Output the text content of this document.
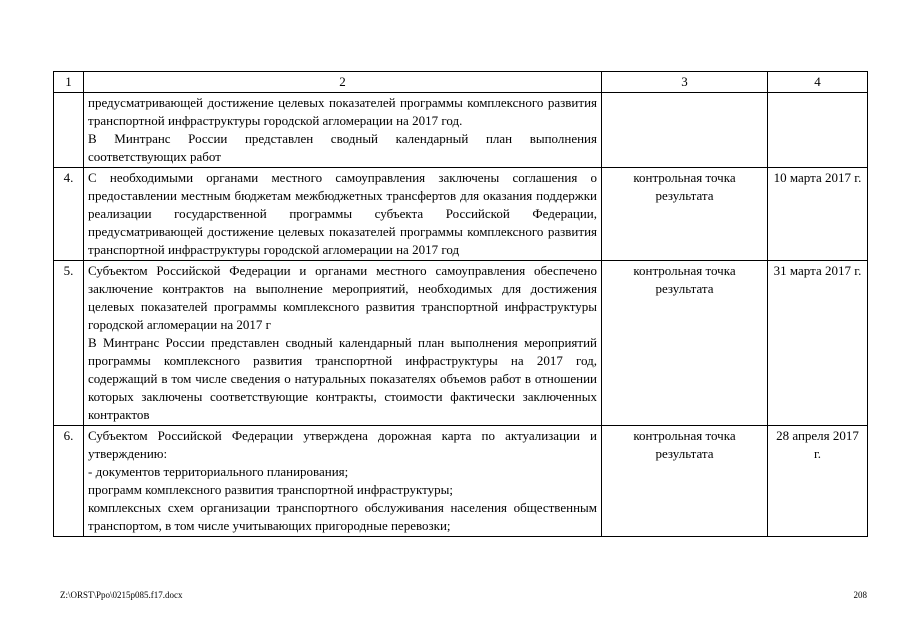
1	2	3	4

	предусматривающей достижение целевых показателей программы комплексного развития транспортной инфраструктуры городской агломерации на 2017 год.

В Минтранс России представлен сводный календарный план выполнения соответствующих работ		

4.	С необходимыми органами местного самоуправления заключены соглашения о предоставлении местным бюджетам межбюджетных трансфертов для оказания поддержки реализации государственной программы субъекта Российской Федерации, предусматривающей достижение целевых показателей программы комплексного развития транспортной инфраструктуры городской агломерации на 2017 год	контрольная точка результата	10 марта 2017 г.
5.	Субъектом Российской Федерации и органами местного самоуправления обеспечено заключение контрактов на выполнение мероприятий, необходимых для достижения целевых показателей программы комплексного развития транспортной инфраструктуры городской агломерации на 2017 г

В Минтранс России представлен сводный календарный план выполнения мероприятий программы комплексного развития транспортной инфраструктуры на 2017 год, содержащий в том числе сведения о натуральных показателях объемов работ в отношении которых заключены соответствующие контракты, стоимости фактически заключенных контрактов	контрольная точка результата	31 марта 2017 г.
6.	Субъектом Российской Федерации утверждена дорожная карта по актуализации и утверждению:

- документов территориального планирования;

программ комплексного развития транспортной инфраструктуры;

комплексных схем организации транспортного обслуживания населения общественным транспортом, в том числе учитывающих пригородные перевозки;	контрольная точка результата	28 апреля 2017 г.
Z:\ORST\Ppo\0215p085.f17.docx	208
